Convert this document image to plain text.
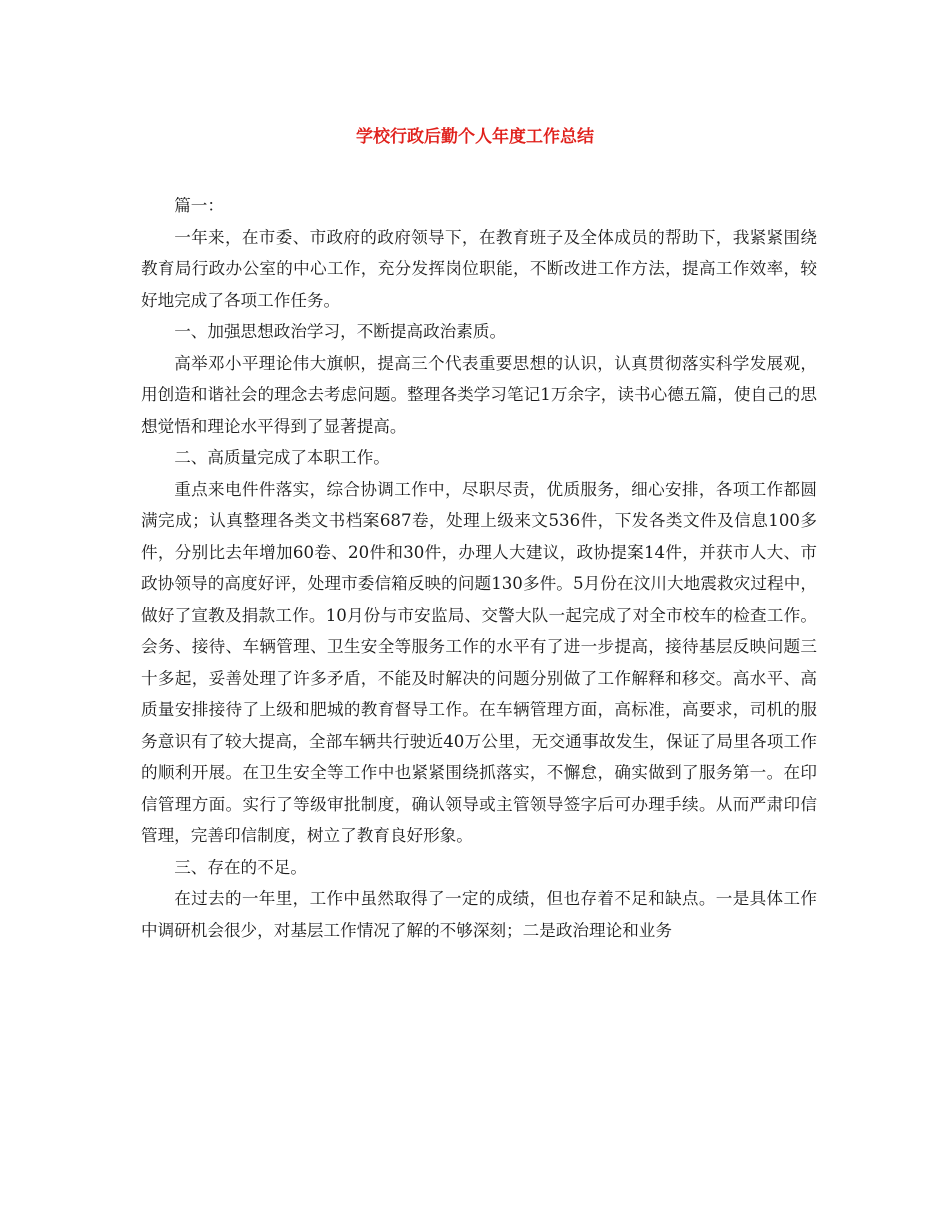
学校行政后勤个人年度工作总结

篇一：

一年来，在市委、市政府的政府领导下，在教育班子及全体成员的帮助下，我紧紧围绕教育局行政办公室的中心工作，充分发挥岗位职能，不断改进工作方法，提高工作效率，较好地完成了各项工作任务。

一、加强思想政治学习，不断提高政治素质。

高举邓小平理论伟大旗帜，提高三个代表重要思想的认识，认真贯彻落实科学发展观，用创造和谐社会的理念去考虑问题。整理各类学习笔记1万余字，读书心德五篇，使自己的思想觉悟和理论水平得到了显著提高。

二、高质量完成了本职工作。

重点来电件件落实，综合协调工作中，尽职尽责，优质服务，细心安排，各项工作都圆满完成；认真整理各类文书档案687卷，处理上级来文536件，下发各类文件及信息100多件，分别比去年增加60卷、20件和30件，办理人大建议，政协提案14件，并获市人大、市政协领导的高度好评，处理市委信箱反映的问题130多件。5月份在汶川大地震救灾过程中，做好了宣教及捐款工作。10月份与市安监局、交警大队一起完成了对全市校车的检查工作。会务、接待、车辆管理、卫生安全等服务工作的水平有了进一步提高，接待基层反映问题三十多起，妥善处理了许多矛盾，不能及时解决的问题分别做了工作解释和移交。高水平、高质量安排接待了上级和肥城的教育督导工作。在车辆管理方面，高标准，高要求，司机的服务意识有了较大提高，全部车辆共行驶近40万公里，无交通事故发生，保证了局里各项工作的顺利开展。在卫生安全等工作中也紧紧围绕抓落实，不懈怠，确实做到了服务第一。在印信管理方面。实行了等级审批制度，确认领导或主管领导签字后可办理手续。从而严肃印信管理，完善印信制度，树立了教育良好形象。

三、存在的不足。

在过去的一年里，工作中虽然取得了一定的成绩，但也存着不足和缺点。一是具体工作中调研机会很少，对基层工作情况了解的不够深刻；二是政治理论和业务
